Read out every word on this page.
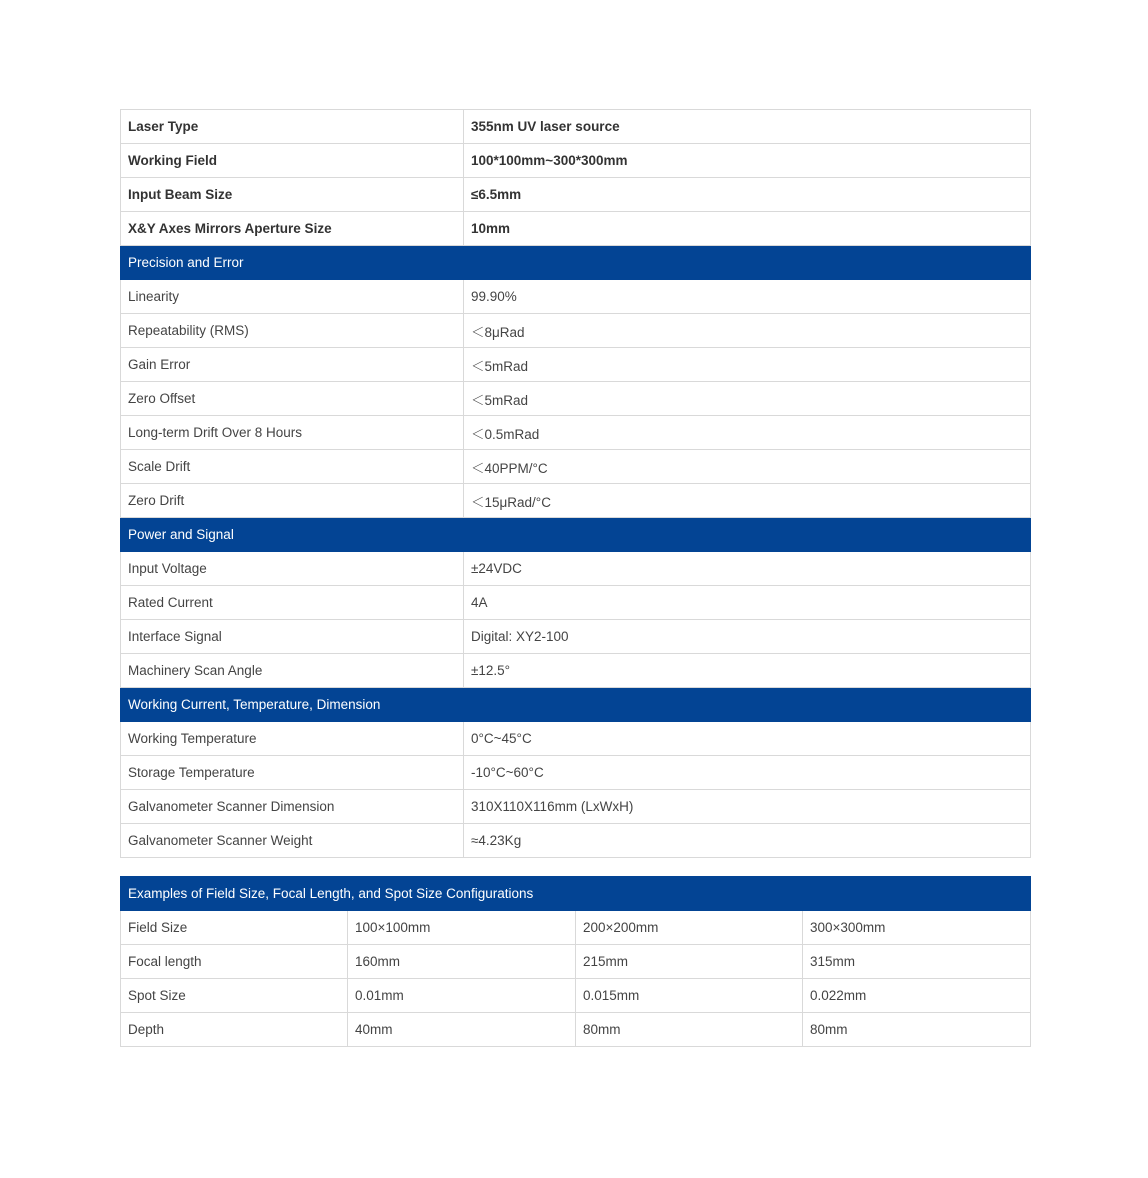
Laser Type	355nm UV laser source
Working Field	100*100mm~300*300mm
Input Beam Size	≤6.5mm
X&Y Axes Mirrors Aperture Size	10mm
Precision and Error	
Linearity	99.90%
Repeatability (RMS)	＜8μRad
Gain Error	＜5mRad
Zero Offset	＜5mRad
Long-term Drift Over 8 Hours	＜0.5mRad
Scale Drift	＜40PPM/°C
Zero Drift	＜15μRad/°C
Power and Signal	
Input Voltage	±24VDC
Rated Current	4A
Interface Signal	Digital: XY2-100
Machinery Scan Angle	±12.5°
Working Current, Temperature, Dimension	
Working Temperature	0°C~45°C
Storage Temperature	-10°C~60°C
Galvanometer Scanner Dimension	310X110X116mm (LxWxH)
Galvanometer Scanner Weight	≈4.23Kg
Examples of Field Size, Focal Length, and Spot Size Configurations			
Field Size	100×100mm	200×200mm	300×300mm
Focal length	160mm	215mm	315mm
Spot Size	0.01mm	0.015mm	0.022mm
Depth	40mm	80mm	80mm
